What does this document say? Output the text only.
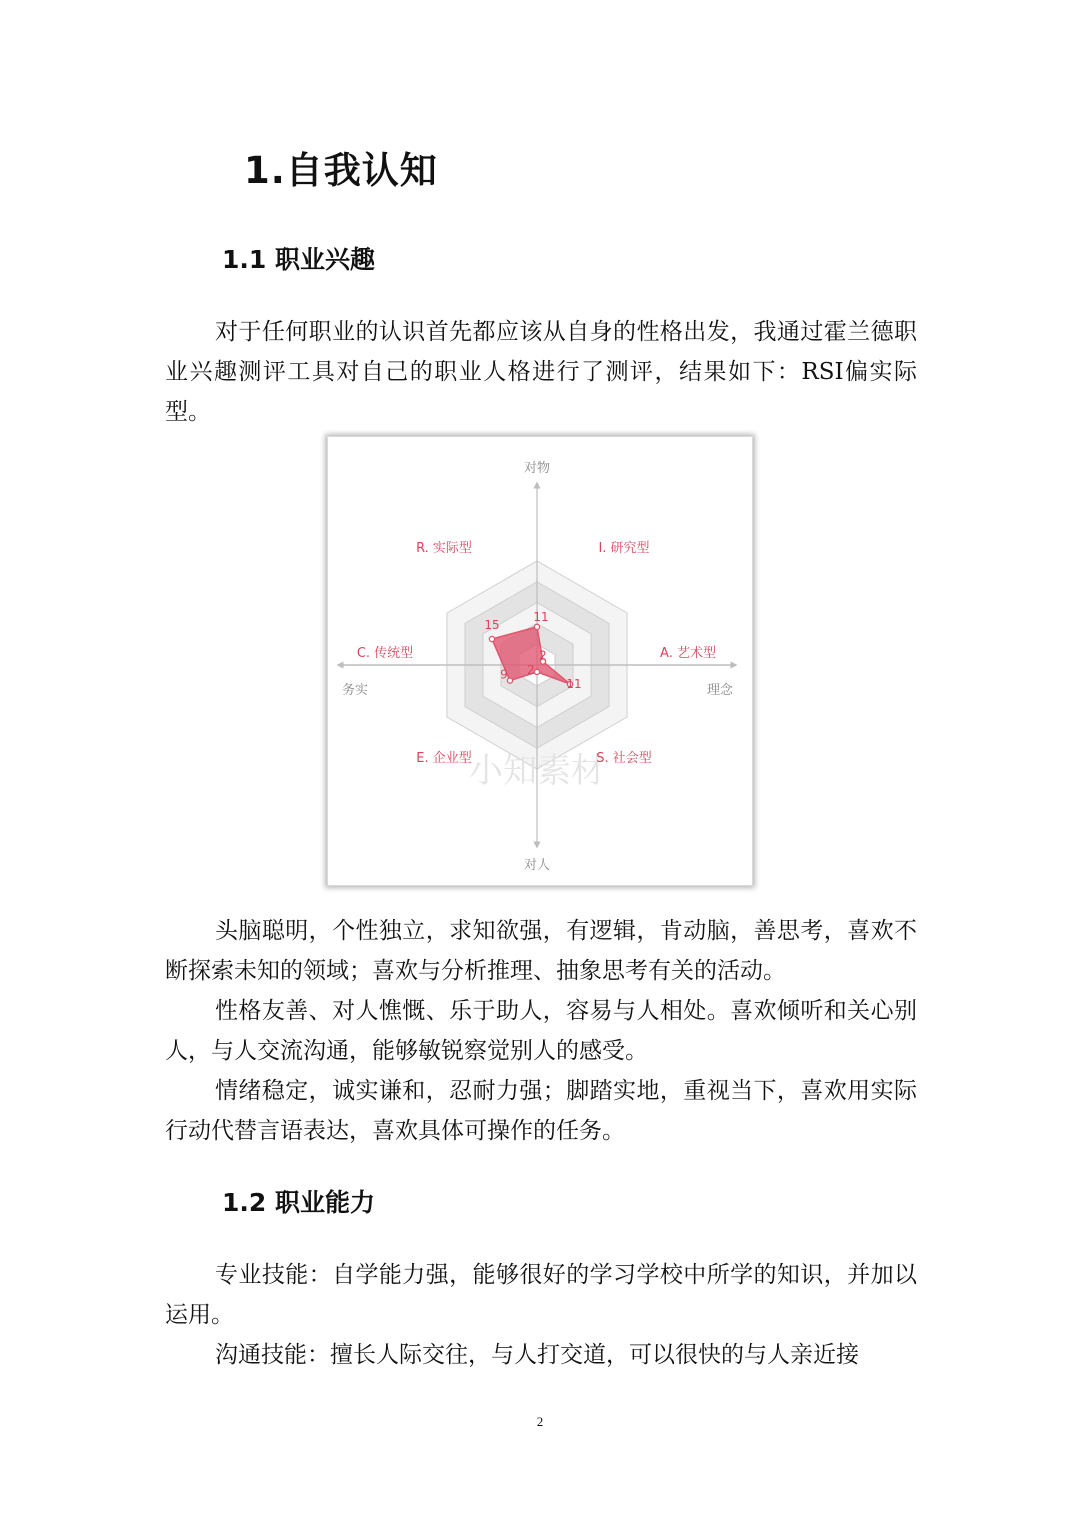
1.自我认知
1.1 职业兴趣

对于任何职业的认识首先都应该从自身的性格出发，我通过霍兰德职业兴趣测评工具对自己的职业人格进行了测评，结果如下：RSI偏实际型。

对物
对人
务实	理念
小知素材
15
11
2
11
2
9
R. 实际型	I. 研究型
A. 艺术型
S. 社会型
E. 企业型
C. 传统型

头脑聪明，个性独立，求知欲强，有逻辑，肯动脑，善思考，喜欢不断探索未知的领域；喜欢与分析推理、抽象思考有关的活动。

性格友善、对人憔慨、乐于助人，容易与人相处。喜欢倾听和关心别人，与人交流沟通，能够敏锐察觉别人的感受。

情绪稳定，诚实谦和，忍耐力强；脚踏实地，重视当下，喜欢用实际行动代替言语表达，喜欢具体可操作的任务。

1.2 职业能力

专业技能：自学能力强，能够很好的学习学校中所学的知识，并加以运用。

沟通技能：擅长人际交往，与人打交道，可以很快的与人亲近接

2
